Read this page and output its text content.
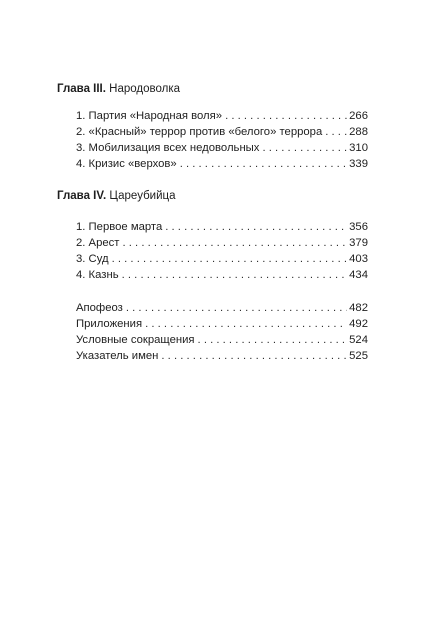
Глава III. Народоволка
1. Партия «Народная воля» . . .	266
2. «Красный» террор против «белого» террора . . . 288
3. Мобилизация всех недовольных . . .	310
4. Кризис «верхов» . . .	339
Глава IV. Цареубийца
1. Первое марта . . .	356
2. Арест . . .	379
3. Суд . . .	403
4. Казнь . . .	434
Апофеоз . . .	482
Приложения . . .	492
Условные сокращения . . .	524
Указатель имен . . .	525
